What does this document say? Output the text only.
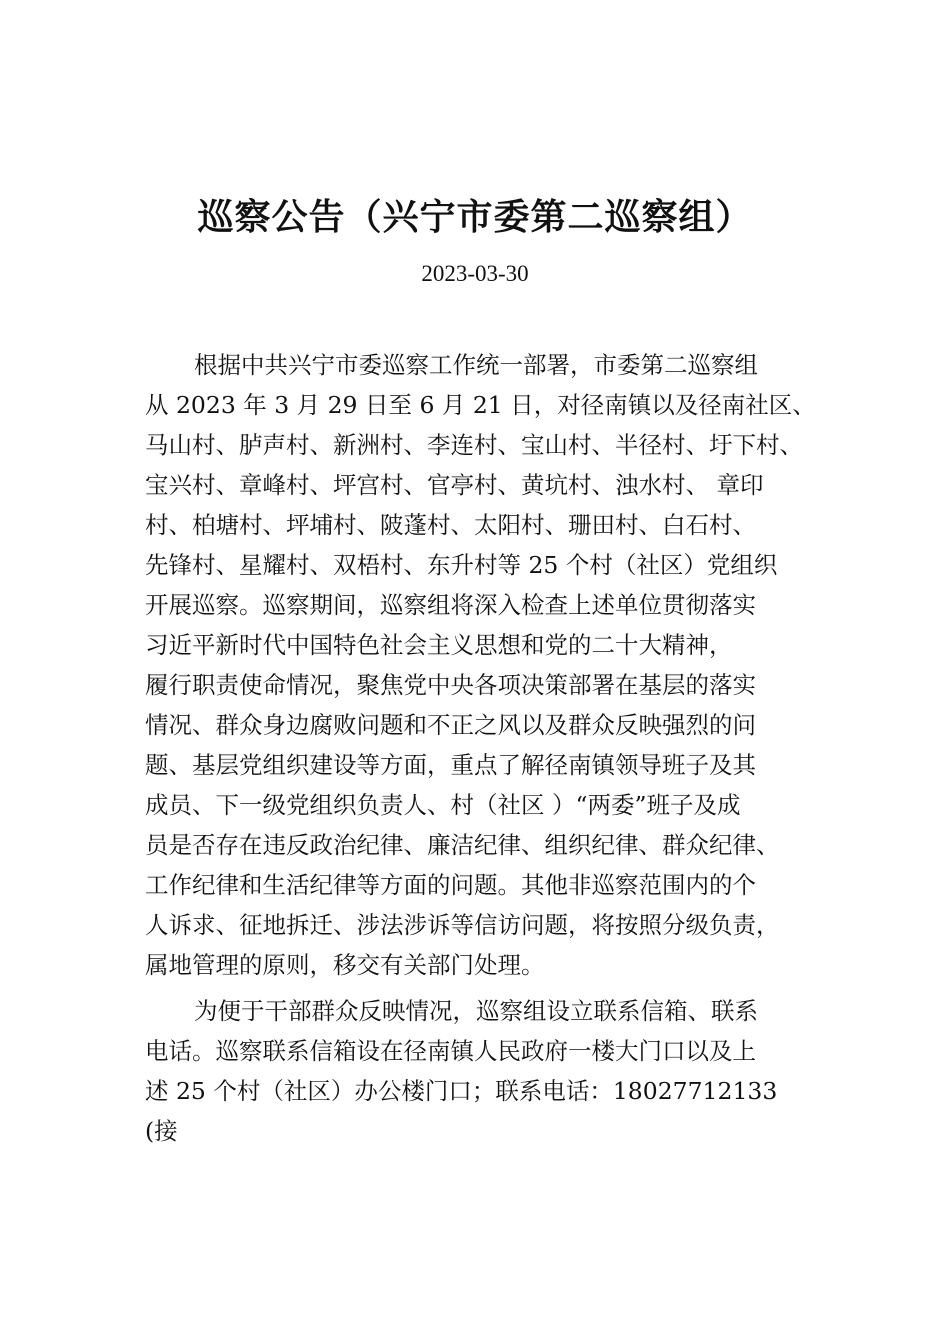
巡察公告（兴宁市委第二巡察组）

2023-03-30

根据中共兴宁市委巡察工作统一部署，市委第二巡察组

从 2023 年 3 月 29 日至 6 月 21 日，对径南镇以及径南社区、

马山村、胪声村、新洲村、李连村、宝山村、半径村、圩下村、

宝兴村、章峰村、坪宫村、官亭村、黄坑村、浊水村、 章印

村、柏塘村、坪埔村、陂蓬村、太阳村、珊田村、白石村、

先锋村、星耀村、双梧村、东升村等 25 个村（社区）党组织

开展巡察。巡察期间，巡察组将深入检查上述单位贯彻落实

习近平新时代中国特色社会主义思想和党的二十大精神，

履行职责使命情况，聚焦党中央各项决策部署在基层的落实

情况、群众身边腐败问题和不正之风以及群众反映强烈的问

题、基层党组织建设等方面，重点了解径南镇领导班子及其

成员、下一级党组织负责人、村（社区 ）“两委”班子及成

员是否存在违反政治纪律、廉洁纪律、组织纪律、群众纪律、

工作纪律和生活纪律等方面的问题。其他非巡察范围内的个

人诉求、征地拆迁、涉法涉诉等信访问题，将按照分级负责，

属地管理的原则，移交有关部门处理。

为便于干部群众反映情况，巡察组设立联系信箱、联系

电话。巡察联系信箱设在径南镇人民政府一楼大门口以及上

述 25 个村（社区）办公楼门口；联系电话：18027712133

(接
